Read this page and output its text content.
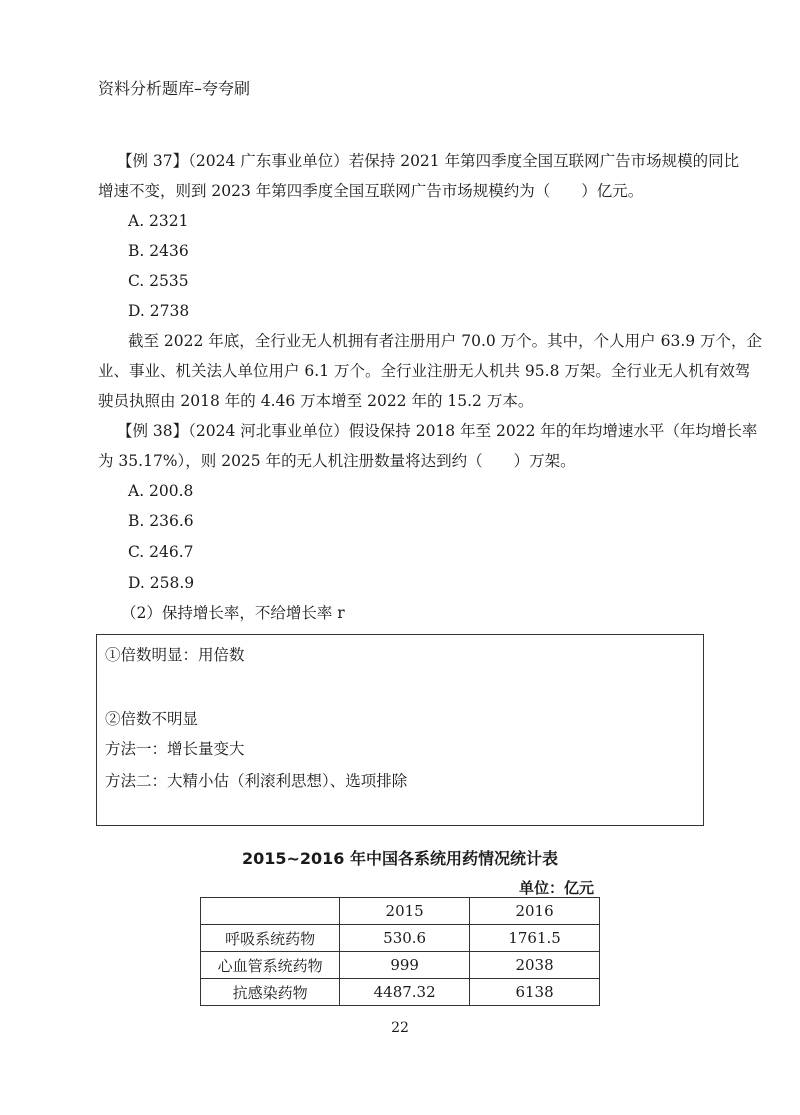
资料分析题库–夸夸刷
【例 37】（2024 广东事业单位）若保持 2021 年第四季度全国互联网广告市场规模的同比
增速不变，则到 2023 年第四季度全国互联网广告市场规模约为（　　）亿元。
A. 2321
B. 2436
C. 2535
D. 2738
截至 2022 年底，全行业无人机拥有者注册用户 70.0 万个。其中，个人用户 63.9 万个，企
业、事业、机关法人单位用户 6.1 万个。全行业注册无人机共 95.8 万架。全行业无人机有效驾
驶员执照由 2018 年的 4.46 万本增至 2022 年的 15.2 万本。
【例 38】（2024 河北事业单位）假设保持 2018 年至 2022 年的年均增速水平（年均增长率
为 35.17%），则 2025 年的无人机注册数量将达到约（　　）万架。
A. 200.8
B. 236.6
C. 246.7
D. 258.9
（2）保持增长率，不给增长率 r
①倍数明显：用倍数
②倍数不明显
方法一：增长量变大
方法二：大精小估（利滚利思想）、选项排除
2015~2016 年中国各系统用药情况统计表
单位：亿元
	2015	2016
呼吸系统药物	530.6	1761.5
心血管系统药物	999	2038
抗感染药物	4487.32	6138
22
